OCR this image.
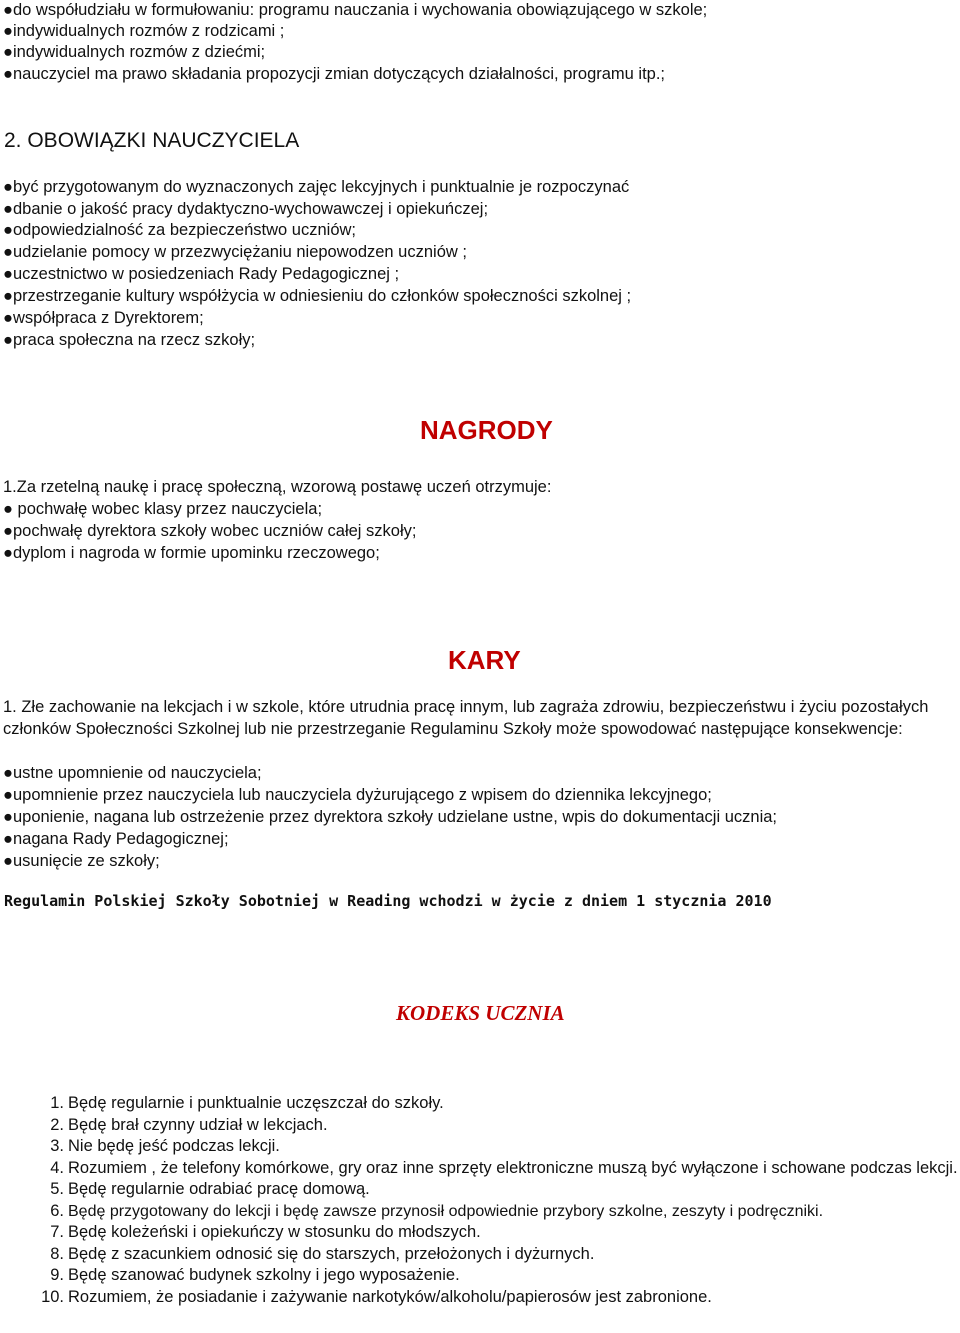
●do współudziału w formułowaniu: programu nauczania i wychowania obowiązującego w szkole;
●indywidualnych rozmów z rodzicami ;
●indywidualnych rozmów z dziećmi;
●nauczyciel ma prawo składania propozycji zmian dotyczących działalności, programu itp.;
2. OBOWIĄZKI NAUCZYCIELA
●być przygotowanym do wyznaczonych zajęc lekcyjnych i punktualnie je rozpoczynać
●dbanie o jakość pracy dydaktyczno-wychowawczej i opiekuńczej;
●odpowiedzialność za bezpieczeństwo uczniów;
●udzielanie pomocy w przezwyciężaniu niepowodzen uczniów ;
●uczestnictwo w posiedzeniach Rady Pedagogicznej ;
●przestrzeganie kultury współżycia w odniesieniu do członków społeczności szkolnej ;
●współpraca z Dyrektorem;
●praca społeczna na rzecz szkoły;
NAGRODY
1.Za rzetelną naukę i pracę społeczną, wzorową postawę uczeń otrzymuje:
● pochwałę wobec klasy przez nauczyciela;
●pochwałę dyrektora szkoły wobec uczniów całej szkoły;
●dyplom i nagroda w formie upominku rzeczowego;
KARY
1. Złe zachowanie na lekcjach i w szkole, które utrudnia pracę innym, lub zagraża zdrowiu, bezpieczeństwu i życiu pozostałych członków Społeczności Szkolnej lub nie przestrzeganie Regulaminu Szkoły może spowodować następujące konsekwencje:
●ustne upomnienie od nauczyciela;
●upomnienie przez nauczyciela lub nauczyciela dyżurującego z wpisem do dziennika lekcyjnego;
●uponienie, nagana lub ostrzeżenie przez dyrektora szkoły udzielane ustne, wpis do dokumentacji ucznia;
●nagana Rady Pedagogicznej;
●usunięcie ze szkoły;
Regulamin Polskiej Szkoły Sobotniej w Reading wchodzi w życie z dniem 1 stycznia 2010
KODEKS UCZNIA
1. Będę regularnie i punktualnie uczęszczał do szkoły.
2. Będę brał czynny udział w lekcjach.
3. Nie będę jeść podczas lekcji.
4. Rozumiem , że telefony komórkowe, gry oraz inne sprzęty elektroniczne muszą być wyłączone i schowane podczas lekcji.
5. Będę regularnie odrabiać pracę domową.
6. Będę przygotowany do lekcji i będę zawsze przynosił odpowiednie przybory szkolne, zeszyty i podręczniki.
7. Będę koleżeński i opiekuńczy w stosunku do młodszych.
8. Będę z szacunkiem odnosić się do starszych, przełożonych i dyżurnych.
9. Będę szanować budynek szkolny i jego wyposażenie.
10. Rozumiem, że posiadanie i zażywanie narkotyków/alkoholu/papierosów jest zabronione.
